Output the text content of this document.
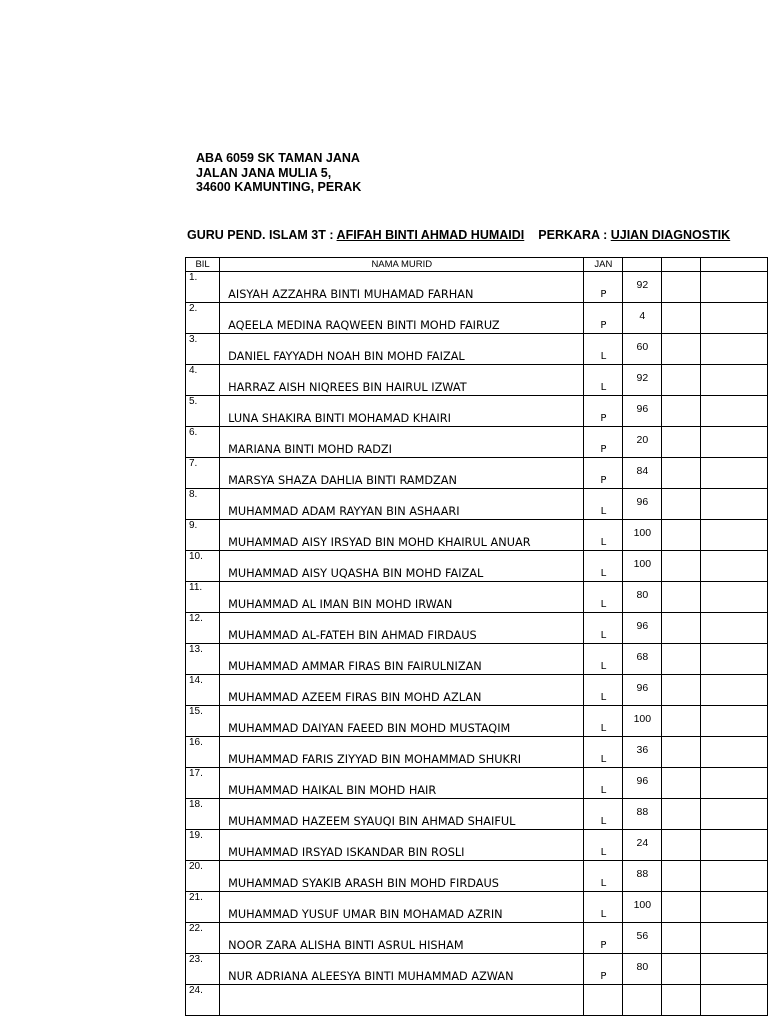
ABA 6059 SK TAMAN JANA
JALAN JANA MULIA 5,
34600 KAMUNTING, PERAK
GURU PEND. ISLAM 3T : AFIFAH BINTI AHMAD HUMAIDI PERKARA : UJIAN DIAGNOSTIK
BIL	NAMA MURID	JAN			
1.	AISYAH AZZAHRA BINTI MUHAMAD FARHAN	P	92		
2.	AQEELA MEDINA RAQWEEN BINTI MOHD FAIRUZ	P	4		
3.	DANIEL FAYYADH NOAH BIN MOHD FAIZAL	L	60		
4.	HARRAZ AISH NIQREES BIN HAIRUL IZWAT	L	92		
5.	LUNA SHAKIRA BINTI MOHAMAD KHAIRI	P	96		
6.	MARIANA BINTI MOHD RADZI	P	20		
7.	MARSYA SHAZA DAHLIA BINTI RAMDZAN	P	84		
8.	MUHAMMAD ADAM RAYYAN BIN ASHAARI	L	96		
9.	MUHAMMAD AISY IRSYAD BIN MOHD KHAIRUL ANUAR	L	100		
10.	MUHAMMAD AISY UQASHA BIN MOHD FAIZAL	L	100		
11.	MUHAMMAD AL IMAN BIN MOHD IRWAN	L	80		
12.	MUHAMMAD AL-FATEH BIN AHMAD FIRDAUS	L	96		
13.	MUHAMMAD AMMAR FIRAS BIN FAIRULNIZAN	L	68		
14.	MUHAMMAD AZEEM FIRAS BIN MOHD AZLAN	L	96		
15.	MUHAMMAD DAIYAN FAEED BIN MOHD MUSTAQIM	L	100		
16.	MUHAMMAD FARIS ZIYYAD BIN MOHAMMAD SHUKRI	L	36		
17.	MUHAMMAD HAIKAL BIN MOHD HAIR	L	96		
18.	MUHAMMAD HAZEEM SYAUQI BIN AHMAD SHAIFUL	L	88		
19.	MUHAMMAD IRSYAD ISKANDAR BIN ROSLI	L	24		
20.	MUHAMMAD SYAKIB ARASH BIN MOHD FIRDAUS	L	88		
21.	MUHAMMAD YUSUF UMAR BIN MOHAMAD AZRIN	L	100		
22.	NOOR ZARA ALISHA BINTI ASRUL HISHAM	P	56		
23.	NUR ADRIANA ALEESYA BINTI MUHAMMAD AZWAN	P	80		
24.					
